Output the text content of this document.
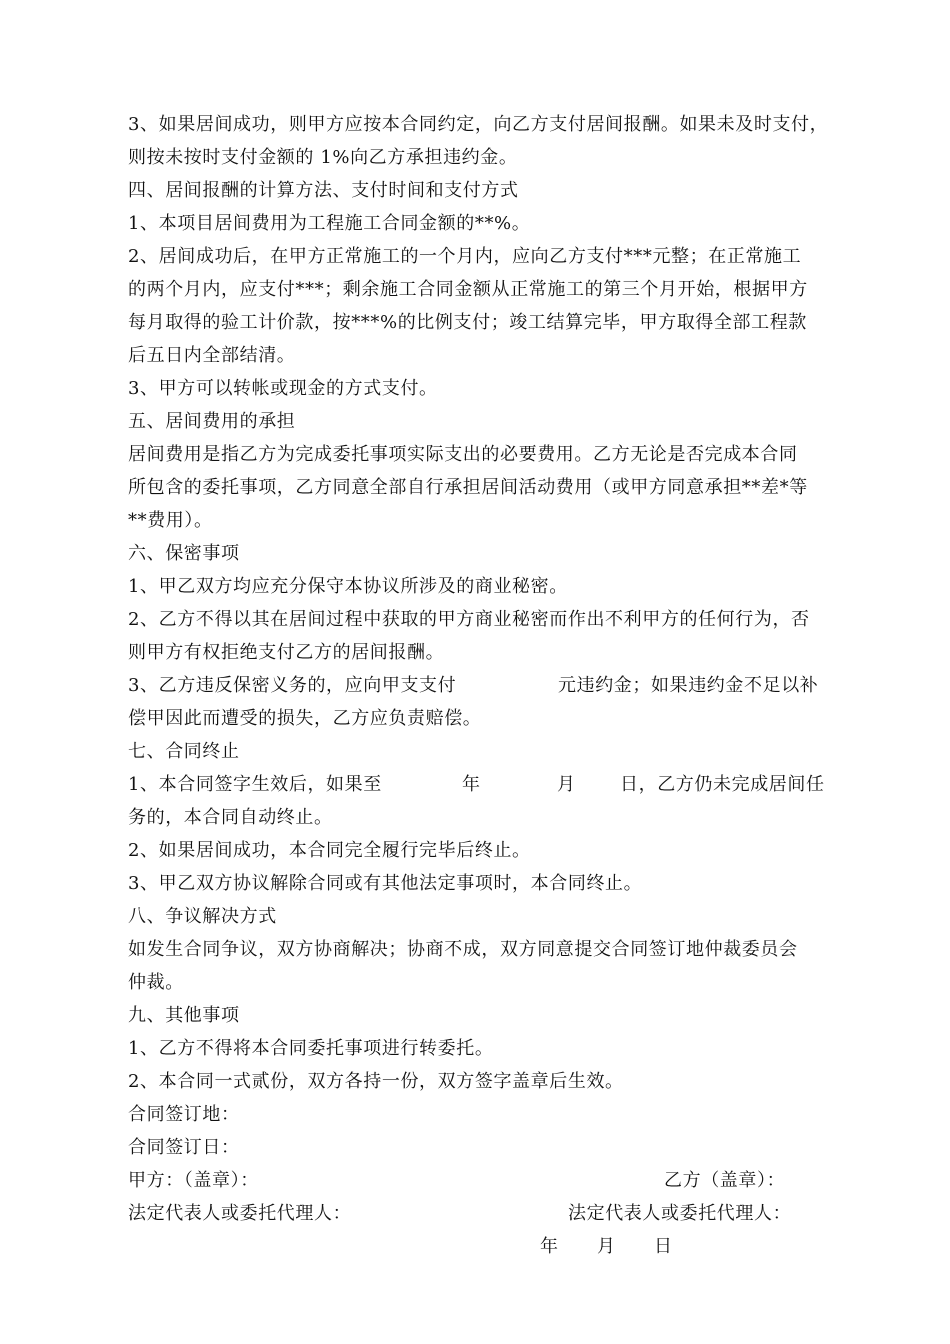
3、如果居间成功，则甲方应按本合同约定，向乙方支付居间报酬。如果未及时支付，
则按未按时支付金额的 1%向乙方承担违约金。
四、居间报酬的计算方法、支付时间和支付方式
1、本项目居间费用为工程施工合同金额的**%。
2、居间成功后，在甲方正常施工的一个月内，应向乙方支付***元整；在正常施工
的两个月内，应支付***；剩余施工合同金额从正常施工的第三个月开始，根据甲方
每月取得的验工计价款，按***%的比例支付；竣工结算完毕，甲方取得全部工程款
后五日内全部结清。
3、甲方可以转帐或现金的方式支付。
五、居间费用的承担
居间费用是指乙方为完成委托事项实际支出的必要费用。乙方无论是否完成本合同
所包含的委托事项，乙方同意全部自行承担居间活动费用（或甲方同意承担**差*等
**费用）。
六、保密事项
1、甲乙双方均应充分保守本协议所涉及的商业秘密。
2、乙方不得以其在居间过程中获取的甲方商业秘密而作出不利甲方的任何行为，否
则甲方有权拒绝支付乙方的居间报酬。
3、乙方违反保密义务的，应向甲支支付	元违约金；如果违约金不足以补
偿甲因此而遭受的损失，乙方应负责赔偿。
七、合同终止
1、本合同签字生效后，如果至	年	月 日，乙方仍未完成居间任
务的，本合同自动终止。
2、如果居间成功，本合同完全履行完毕后终止。
3、甲乙双方协议解除合同或有其他法定事项时，本合同终止。
八、争议解决方式
如发生合同争议，双方协商解决；协商不成，双方同意提交合同签订地仲裁委员会
仲裁。
九、其他事项
1、乙方不得将本合同委托事项进行转委托。
2、本合同一式贰份，双方各持一份，双方签字盖章后生效。
合同签订地：
合同签订日：
甲方：（盖章）：	乙方（盖章）：
法定代表人或委托代理人：	法定代表人或委托代理人：
年 月 日
